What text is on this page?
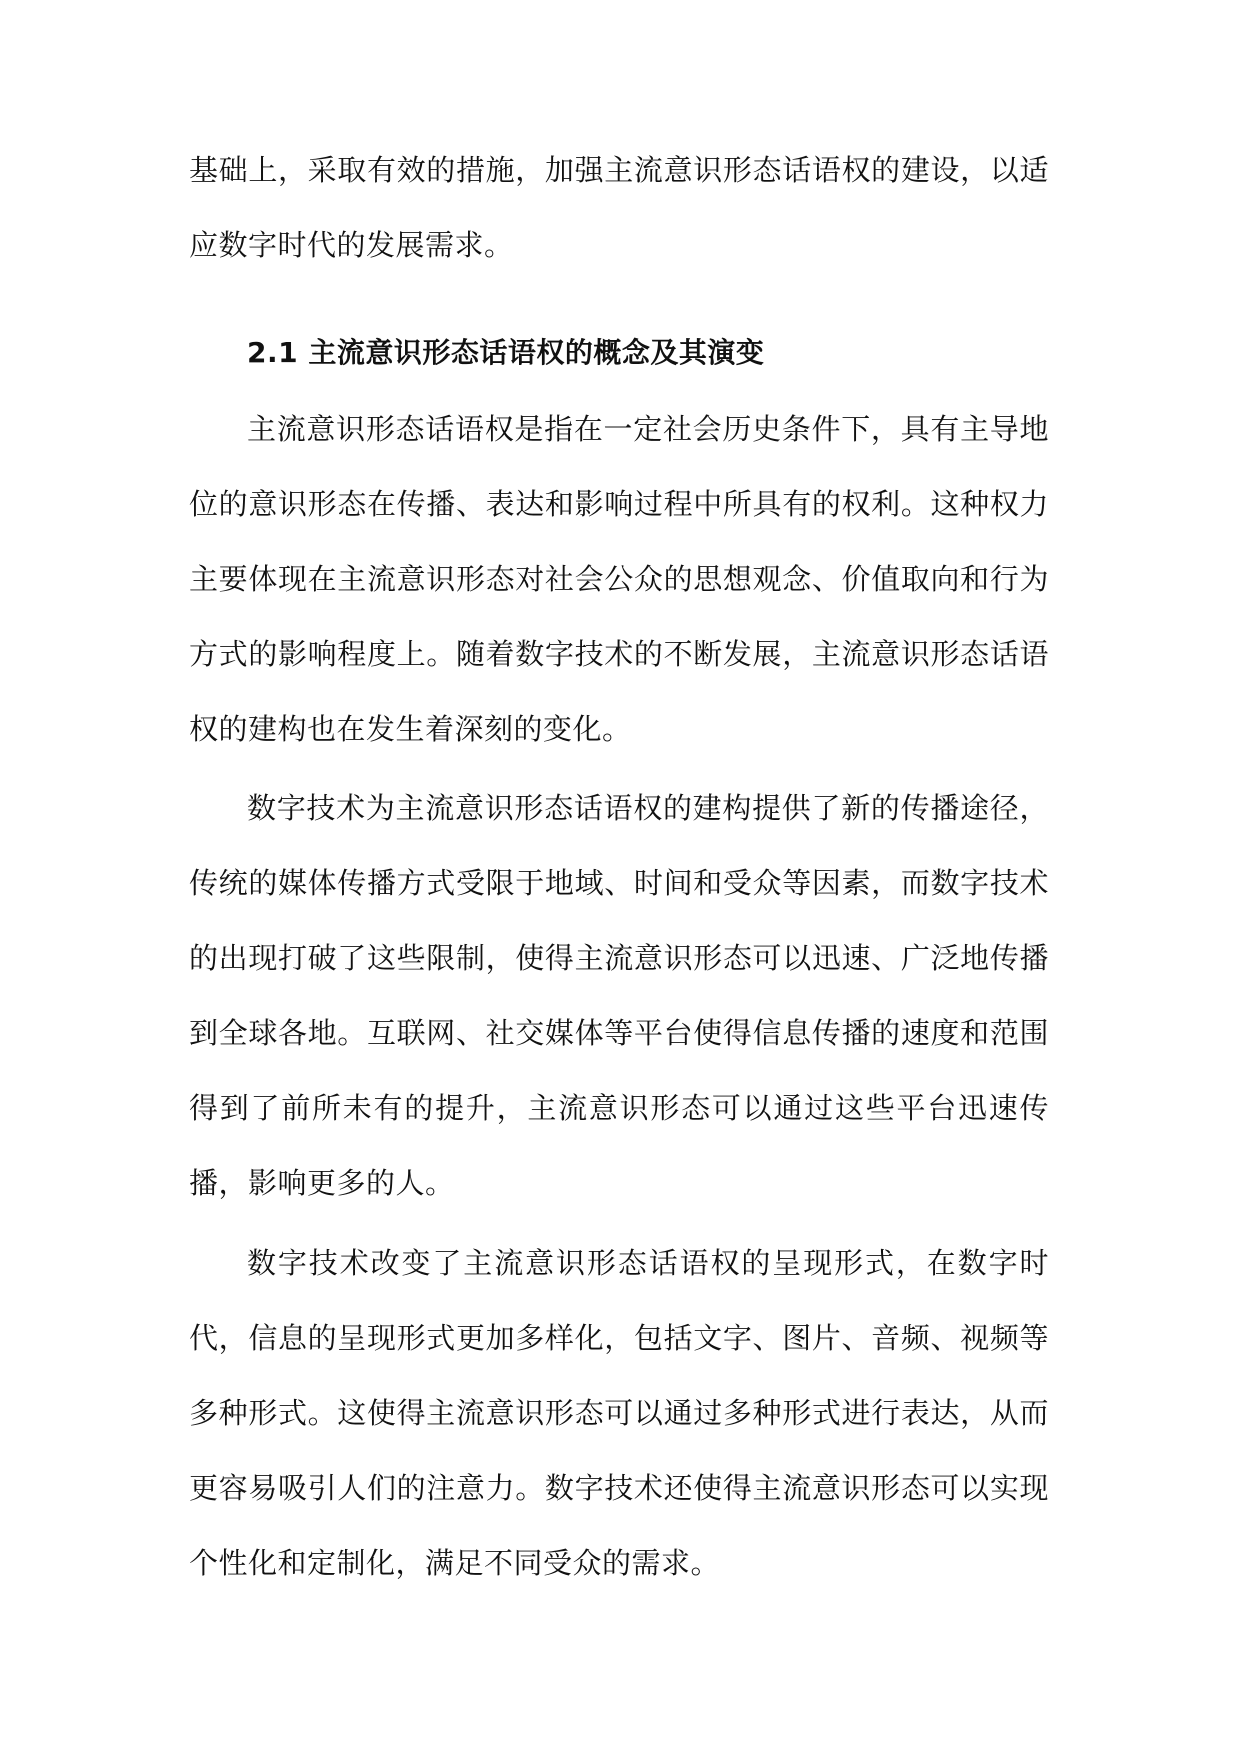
基础上，采取有效的措施，加强主流意识形态话语权的建设，以适应数字时代的发展需求。

2.1 主流意识形态话语权的概念及其演变

主流意识形态话语权是指在一定社会历史条件下，具有主导地位的意识形态在传播、表达和影响过程中所具有的权利。这种权力主要体现在主流意识形态对社会公众的思想观念、价值取向和行为方式的影响程度上。随着数字技术的不断发展，主流意识形态话语权的建构也在发生着深刻的变化。

数字技术为主流意识形态话语权的建构提供了新的传播途径，传统的媒体传播方式受限于地域、时间和受众等因素，而数字技术的出现打破了这些限制，使得主流意识形态可以迅速、广泛地传播到全球各地。互联网、社交媒体等平台使得信息传播的速度和范围得到了前所未有的提升，主流意识形态可以通过这些平台迅速传播，影响更多的人。

数字技术改变了主流意识形态话语权的呈现形式，在数字时代，信息的呈现形式更加多样化，包括文字、图片、音频、视频等多种形式。这使得主流意识形态可以通过多种形式进行表达，从而更容易吸引人们的注意力。数字技术还使得主流意识形态可以实现个性化和定制化，满足不同受众的需求。
